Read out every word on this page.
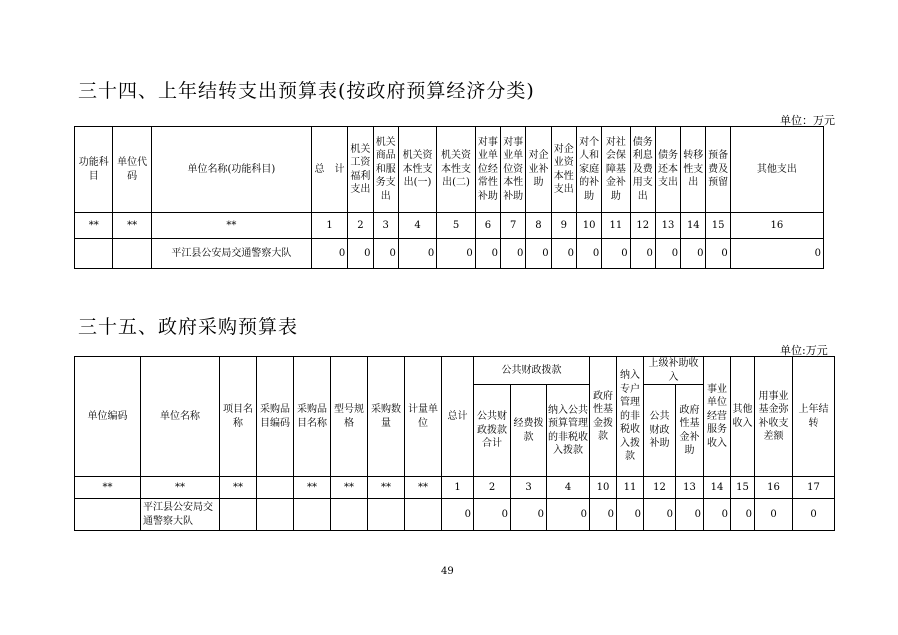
三十四、上年结转支出预算表(按政府预算经济分类)
单位：万元
功能科目	单位代码	单位名称(功能科目)	总　计	机关工资福利支出	机关商品和服务支出	机关资本性支出(一)	机关资本性支出(二)	对事业单位经常性补助	对事业单位资本性补助	对企业补助	对企业资本性支出	对个人和家庭的补助	对社会保障基金补助	债务利息及费用支出	债务还本支出	转移性支出	预备费及预留	其他支出
**	**	**	1	2	3	4	5	6	7	8	9	10	11	12	13	14	15	16
		平江县公安局交通警察大队	0	0	0	0	0	0	0	0	0	0	0	0	0	0	0	0
三十五、政府采购预算表
单位:万元
单位编码	单位名称	项目名称	采购品目编码	采购品目名称	型号规格	采购数量	计量单位	总计	公共财政拨款			政府性基金拨款	纳入专户管理的非税收入拨款	上级补助收入		事业单位经营服务收入	其他收入	用事业基金弥补收支差额	上年结转
									公共财政拨款合计	经费拨款	纳入公共预算管理的非税收入拨款			公共财政补助	政府性基金补助				
**	**	**		**	**	**	**	1	2	3	4	10	11	12	13	14	15	16	17
	平江县公安局交通警察大队							0	0	0	0	0	0	0	0	0	0	0	0
49
